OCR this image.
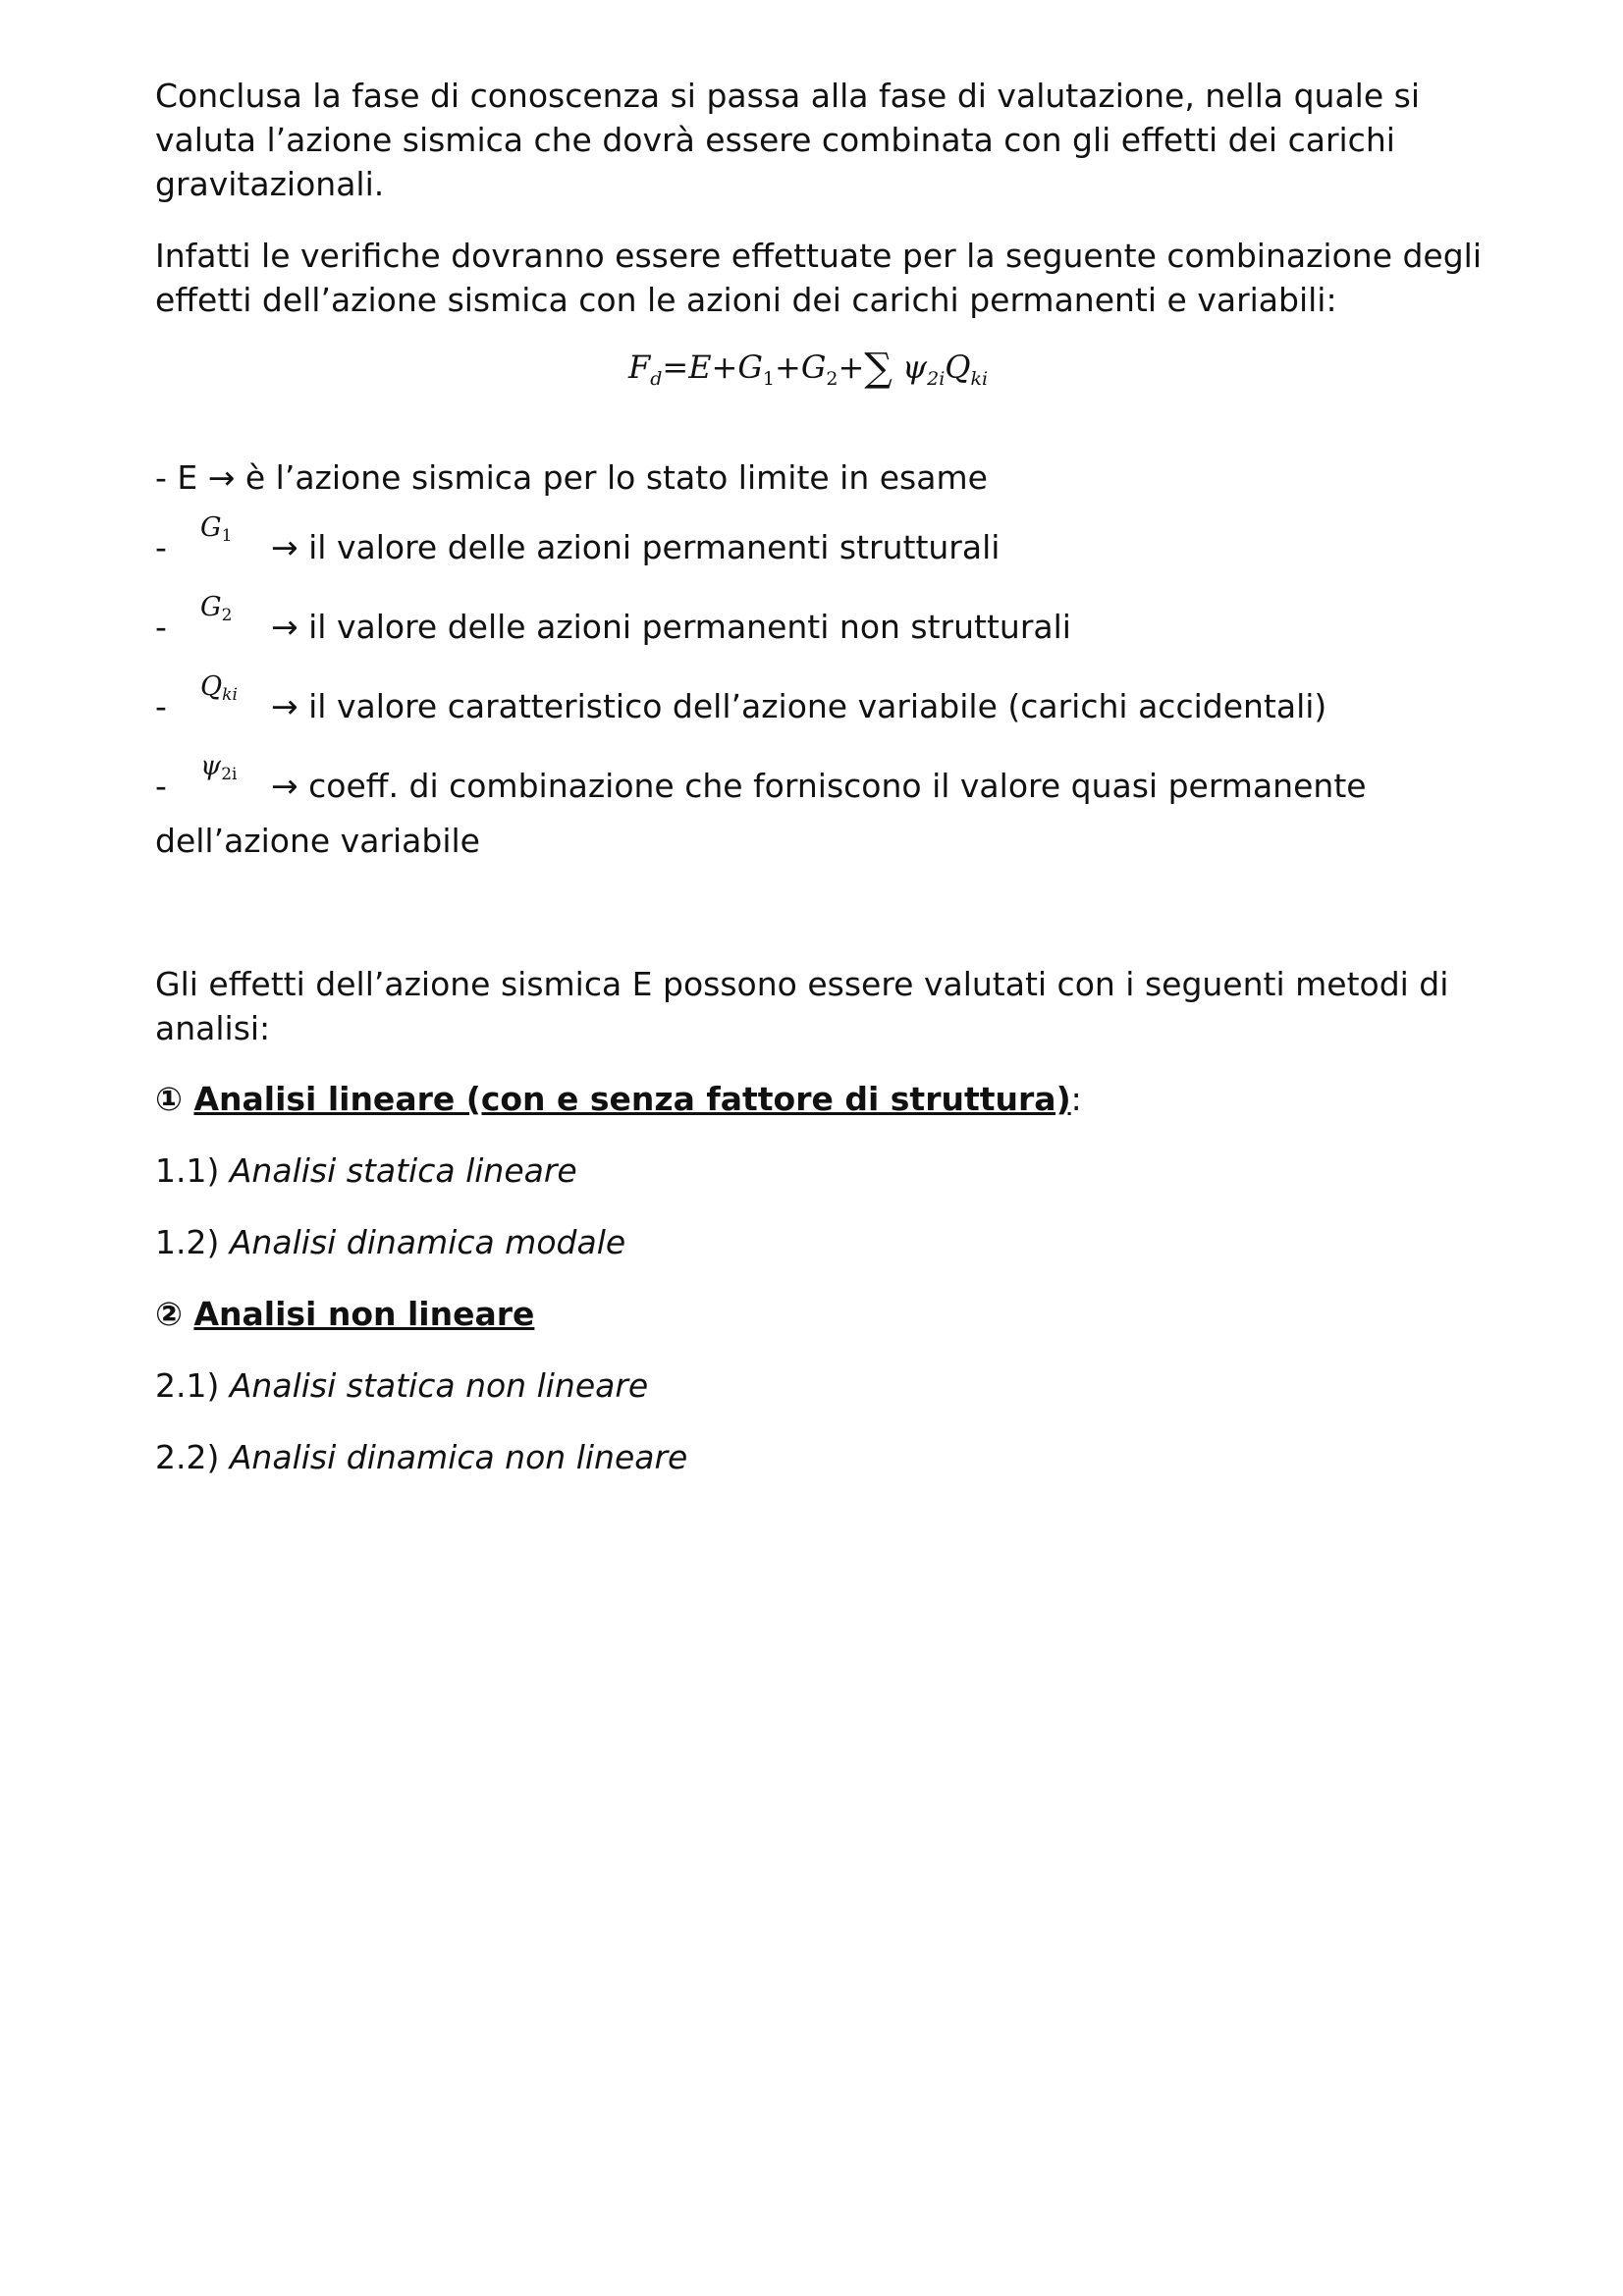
Conclusa la fase di conoscenza si passa alla fase di valutazione, nella quale si valuta l’azione sismica che dovrà essere combinata con gli effetti dei carichi gravitazionali.

Infatti le verifiche dovranno essere effettuate per la seguente combinazione degli effetti dell’azione sismica con le azioni dei carichi permanenti e variabili:

$F_d=E+G_1+G_2+\sum$ $\psi_{2i}Q_{ki}$
- E → è l’azione sismica per lo stato limite in esame
-
$G_1$ → il valore delle azioni permanenti strutturali
-
$G_2$ → il valore delle azioni permanenti non strutturali
-
$Q_{ki}$ → il valore caratteristico dell’azione variabile (carichi accidentali)
-
$\psi_{2i}$ → coeff. di combinazione che forniscono il valore quasi permanente
dell’azione variabile

Gli effetti dell’azione sismica E possono essere valutati con i seguenti metodi di analisi:

① Analisi lineare (con e senza fattore di struttura):
1.1) Analisi statica lineare
1.2) Analisi dinamica modale
② Analisi non lineare
2.1) Analisi statica non lineare
2.2) Analisi dinamica non lineare
